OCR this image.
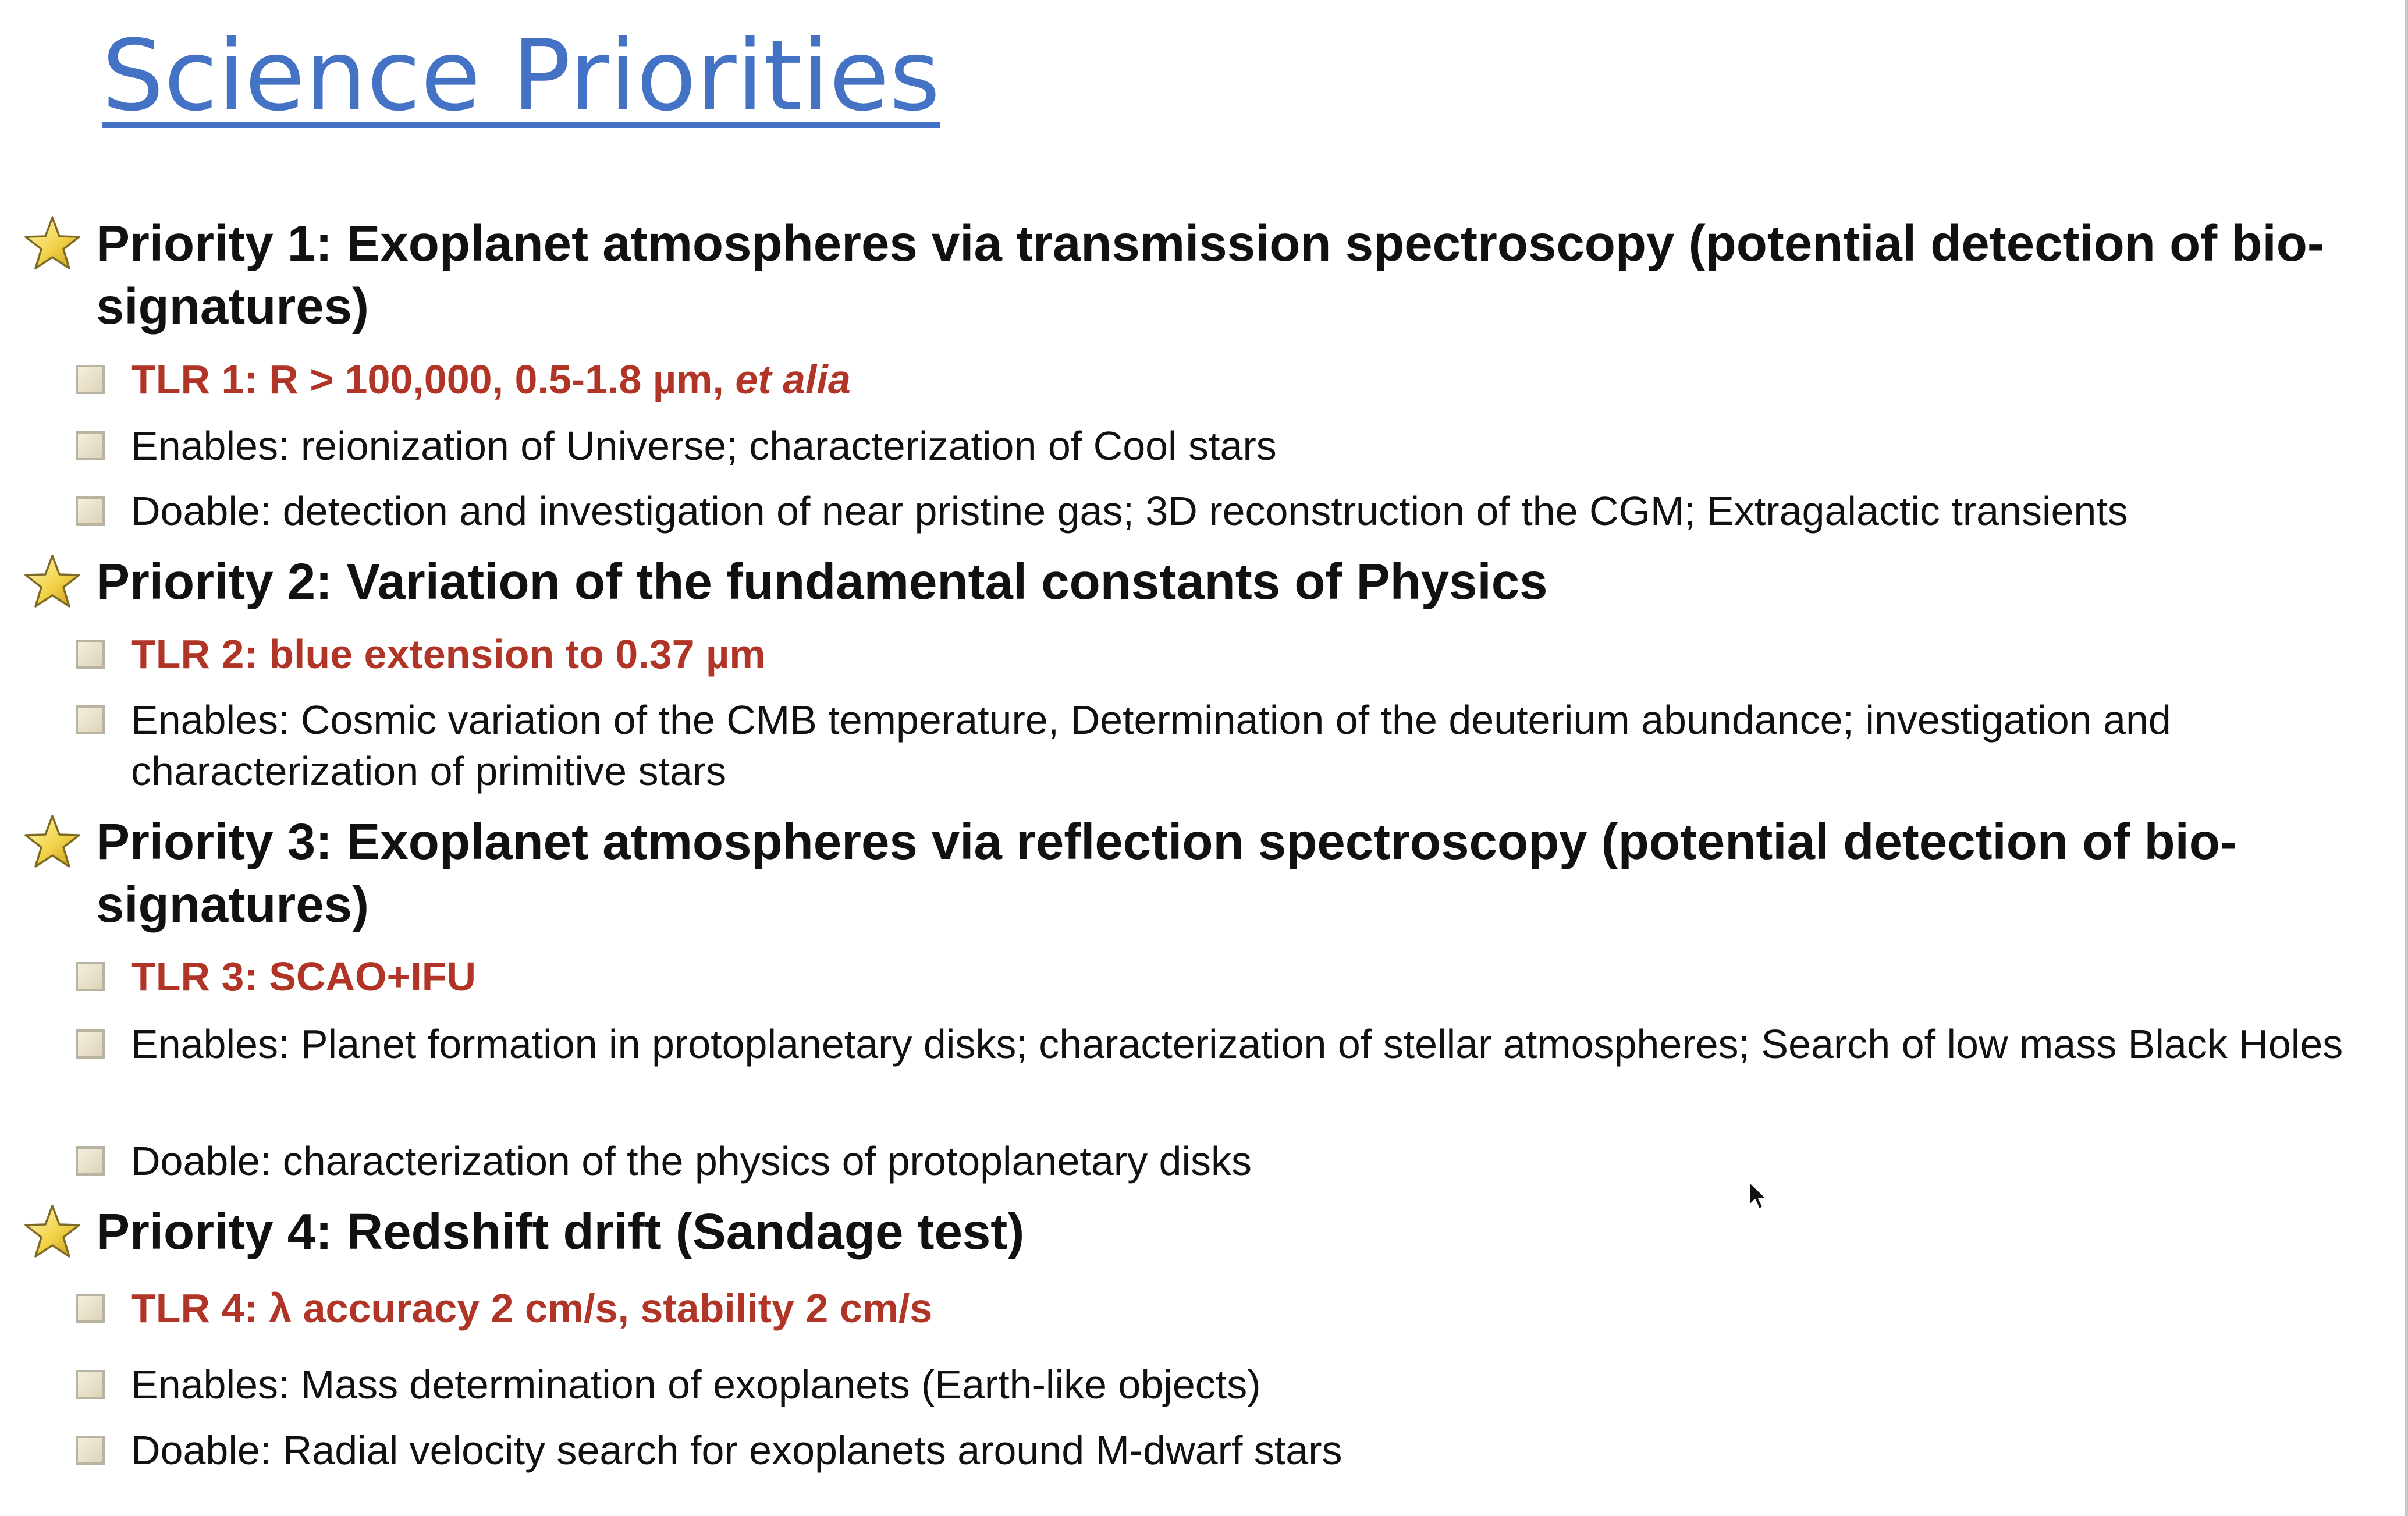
Science Priorities
Priority 1: Exoplanet atmospheres via transmission spectroscopy (potential detection of bio-signatures)
TLR 1: R > 100,000, 0.5-1.8 µm, et alia
Enables: reionization of Universe; characterization of Cool stars
Doable: detection and investigation of near pristine gas; 3D reconstruction of the CGM; Extragalactic transients
Priority 2: Variation of the fundamental constants of Physics
TLR 2: blue extension to 0.37 µm
Enables: Cosmic variation of the CMB temperature, Determination of the deuterium abundance; investigation and characterization of primitive stars
Priority 3: Exoplanet atmospheres via reflection spectroscopy (potential detection of bio-signatures)
TLR 3: SCAO+IFU
Enables: Planet formation in protoplanetary disks; characterization of stellar atmospheres; Search of low mass Black Holes
Doable: characterization of the physics of protoplanetary disks
Priority 4: Redshift drift (Sandage test)
TLR 4: λ accuracy 2 cm/s, stability 2 cm/s
Enables: Mass determination of exoplanets (Earth-like objects)
Doable: Radial velocity search for exoplanets around M-dwarf stars
